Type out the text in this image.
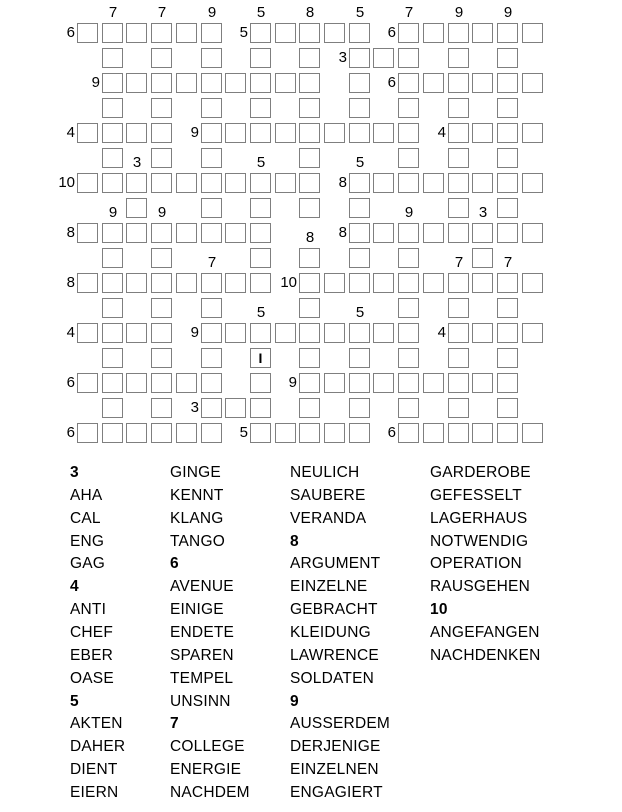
I
6	5	6
3
9	6
4	9	4
10	8
8	8
8	10
4	9	4
6	9
3
6	5	6
7	7	9	5	8	5	7	9	9
3	5	5
9	9	9	3
8
7	7	7
5	5
3
AHA
CAL
ENG
GAG
4
ANTI
CHEF
EBER
OASE
5
AKTEN
DAHER
DIENT
EIERN
GINGE
KENNT
KLANG
TANGO
6
AVENUE
EINIGE
ENDETE
SPAREN
TEMPEL
UNSINN
7
COLLEGE
ENERGIE
NACHDEM
NEULICH
SAUBERE
VERANDA
8
ARGUMENT
EINZELNE
GEBRACHT
KLEIDUNG
LAWRENCE
SOLDATEN
9
AUSSERDEM
DERJENIGE
EINZELNEN
ENGAGIERT
GARDEROBE
GEFESSELT
LAGERHAUS
NOTWENDIG
OPERATION
RAUSGEHEN
10
ANGEFANGEN
NACHDENKEN
